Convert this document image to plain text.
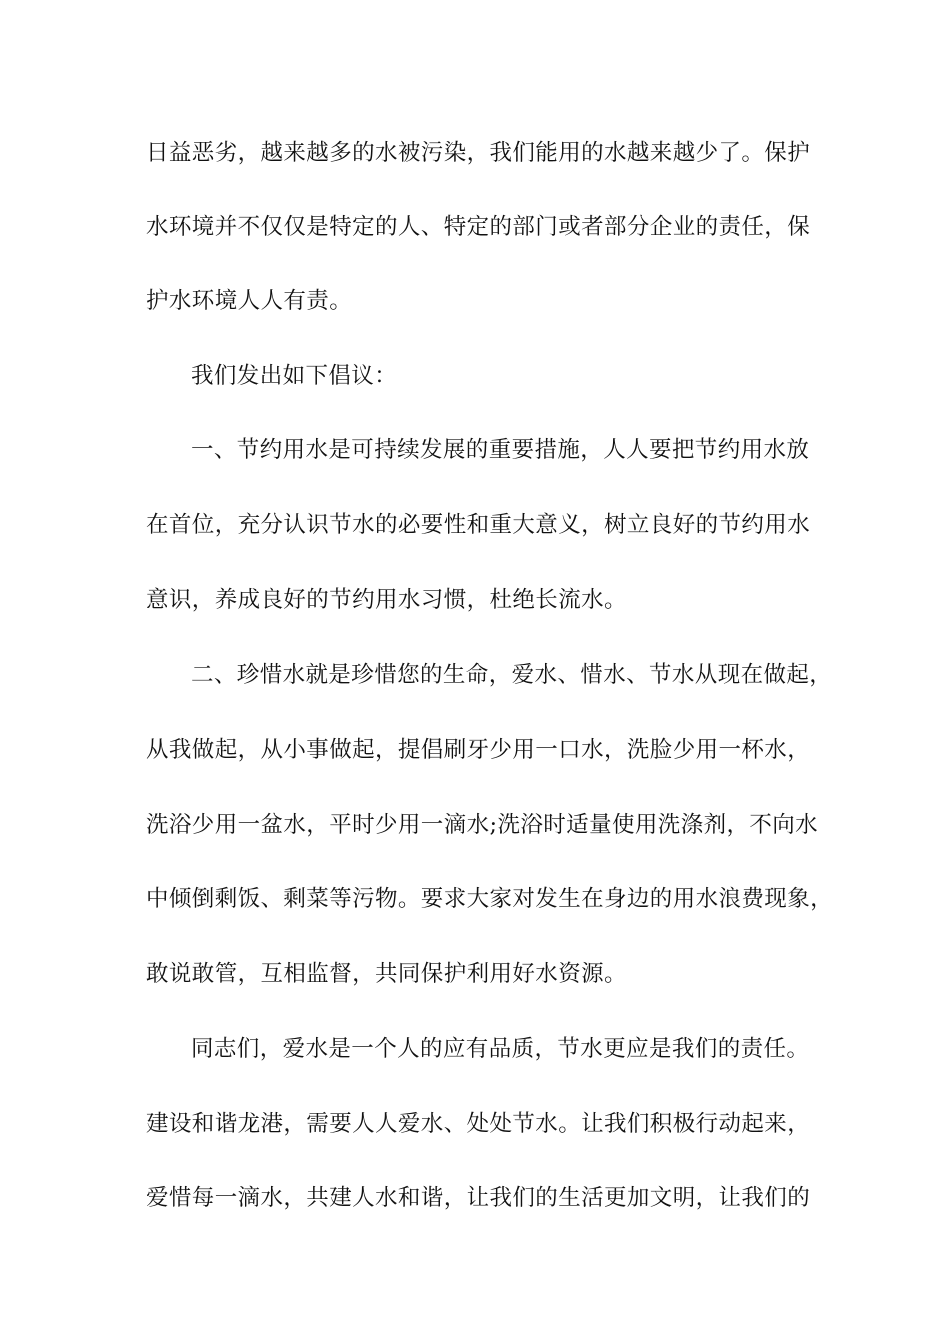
日益恶劣，越来越多的水被污染，我们能用的水越来越少了。保护
水环境并不仅仅是特定的人、特定的部门或者部分企业的责任，保
护水环境人人有责。
我们发出如下倡议：
一、节约用水是可持续发展的重要措施，人人要把节约用水放
在首位，充分认识节水的必要性和重大意义，树立良好的节约用水
意识，养成良好的节约用水习惯，杜绝长流水。
二、珍惜水就是珍惜您的生命，爱水、惜水、节水从现在做起，
从我做起，从小事做起，提倡刷牙少用一口水，洗脸少用一杯水，
洗浴少用一盆水，平时少用一滴水;洗浴时适量使用洗涤剂，不向水
中倾倒剩饭、剩菜等污物。要求大家对发生在身边的用水浪费现象，
敢说敢管，互相监督，共同保护利用好水资源。
同志们，爱水是一个人的应有品质，节水更应是我们的责任。
建设和谐龙港，需要人人爱水、处处节水。让我们积极行动起来，
爱惜每一滴水，共建人水和谐，让我们的生活更加文明，让我们的
